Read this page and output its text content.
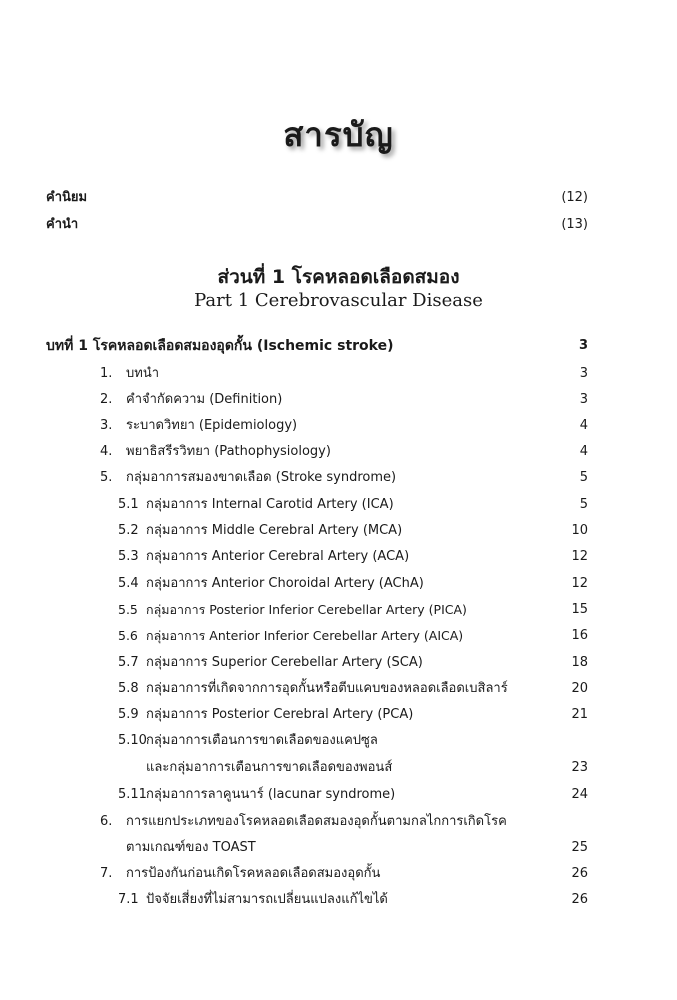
สารบัญ
คำนิยม	(12)
คำนำ	(13)
ส่วนที่ 1 โรคหลอดเลือดสมอง
Part 1 Cerebrovascular Disease
บทที่ 1 โรคหลอดเลือดสมองอุดกั้น (Ischemic stroke)	3
1. บทนำ	3
2. คำจำกัดความ (Definition)	3
3. ระบาดวิทยา (Epidemiology)	4
4. พยาธิสรีรวิทยา (Pathophysiology)	4
5. กลุ่มอาการสมองขาดเลือด (Stroke syndrome)	5
5.1 กลุ่มอาการ Internal Carotid Artery (ICA)	5
5.2 กลุ่มอาการ Middle Cerebral Artery (MCA)	10
5.3 กลุ่มอาการ Anterior Cerebral Artery (ACA)	12
5.4 กลุ่มอาการ Anterior Choroidal Artery (AChA)	12
5.5 กลุ่มอาการ Posterior Inferior Cerebellar Artery (PICA)	15
5.6 กลุ่มอาการ Anterior Inferior Cerebellar Artery (AICA)	16
5.7 กลุ่มอาการ Superior Cerebellar Artery (SCA)	18
5.8 กลุ่มอาการที่เกิดจากการอุดกั้นหรือตีบแคบของหลอดเลือดเบสิลาร์	20
5.9 กลุ่มอาการ Posterior Cerebral Artery (PCA)	21
5.10กลุ่มอาการเตือนการขาดเลือดของแคปซูล
และกลุ่มอาการเตือนการขาดเลือดของพอนส์	23
5.11กลุ่มอาการลาคูนนาร์ (lacunar syndrome)	24
6. การแยกประเภทของโรคหลอดเลือดสมองอุดกั้นตามกลไกการเกิดโรค
ตามเกณฑ์ของ TOAST	25
7. การป้องกันก่อนเกิดโรคหลอดเลือดสมองอุดกั้น	26
7.1 ปัจจัยเสี่ยงที่ไม่สามารถเปลี่ยนแปลงแก้ไขได้	26
